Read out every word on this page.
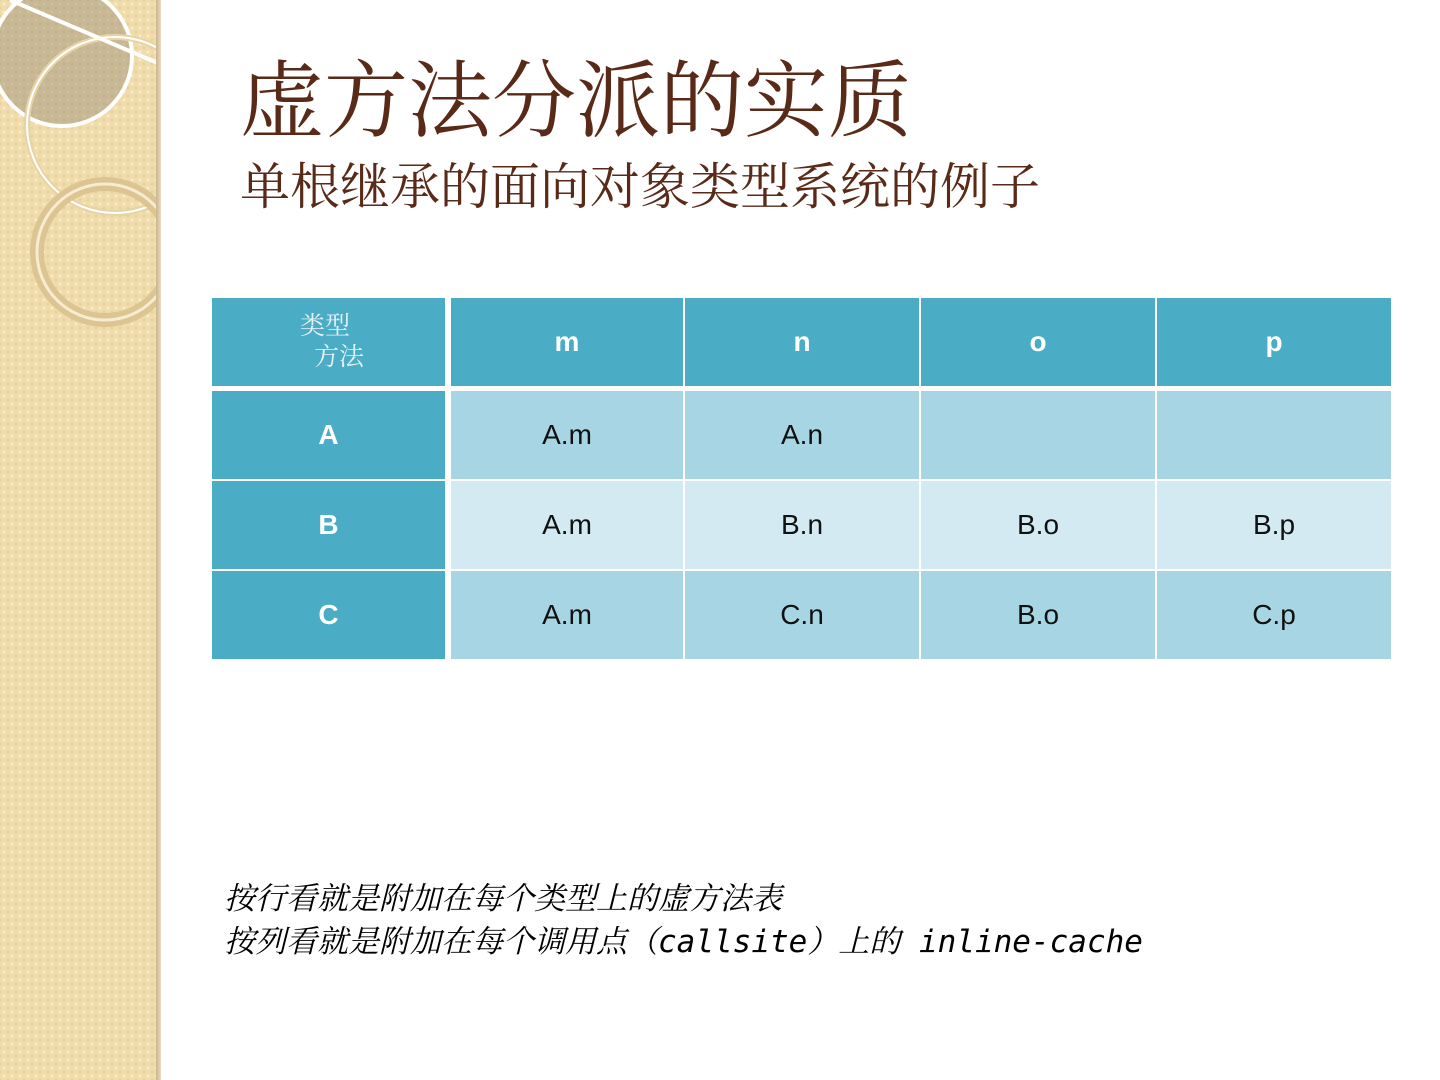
虚方法分派的实质
单根继承的面向对象类型系统的例子
类型
方法	m	n	o	p
A	A.m	A.n		
B	A.m	B.n	B.o	B.p
C	A.m	C.n	B.o	C.p
按行看就是附加在每个类型上的虚方法表
按列看就是附加在每个调用点（callsite）上的 inline-cache
